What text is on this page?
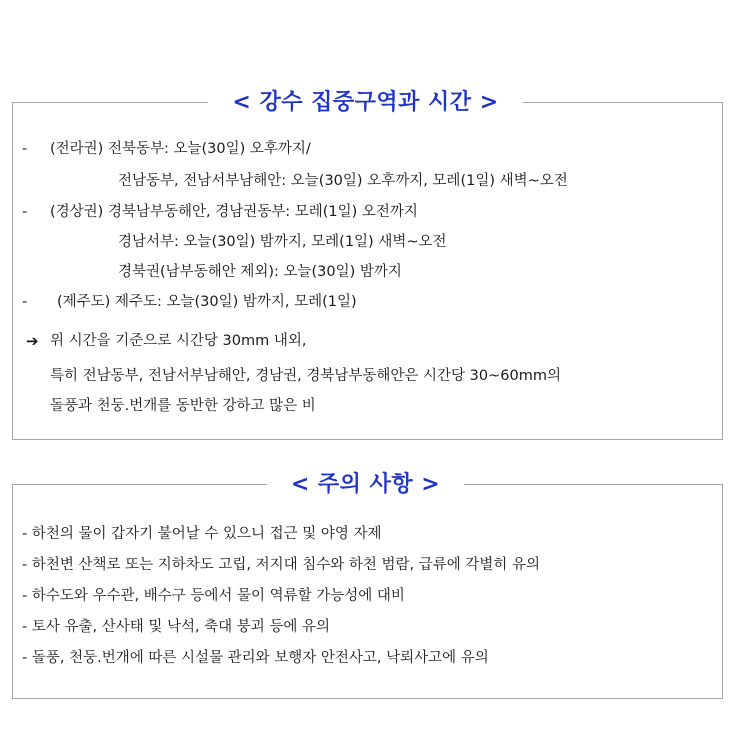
< 강수 집중구역과 시간 >
- (전라권) 전북동부: 오늘(30일) 오후까지/
전남동부, 전남서부남해안: 오늘(30일) 오후까지, 모레(1일) 새벽~오전
- (경상권) 경북남부동해안, 경남권동부: 모레(1일) 오전까지
경남서부: 오늘(30일) 밤까지, 모레(1일) 새벽~오전
경북권(남부동해안 제외): 오늘(30일) 밤까지
- (제주도) 제주도: 오늘(30일) 밤까지, 모레(1일)
➔ 위 시간을 기준으로 시간당 30mm 내외,
특히 전남동부, 전남서부남해안, 경남권, 경북남부동해안은 시간당 30~60mm의
돌풍과 천둥.번개를 동반한 강하고 많은 비
< 주의 사항 >
- 하천의 물이 갑자기 불어날 수 있으니 접근 및 야영 자제
- 하천변 산책로 또는 지하차도 고립, 저지대 침수와 하천 범람, 급류에 각별히 유의
- 하수도와 우수관, 배수구 등에서 물이 역류할 가능성에 대비
- 토사 유출, 산사태 및 낙석, 축대 붕괴 등에 유의
- 돌풍, 천둥.번개에 따른 시설물 관리와 보행자 안전사고, 낙뢰사고에 유의
